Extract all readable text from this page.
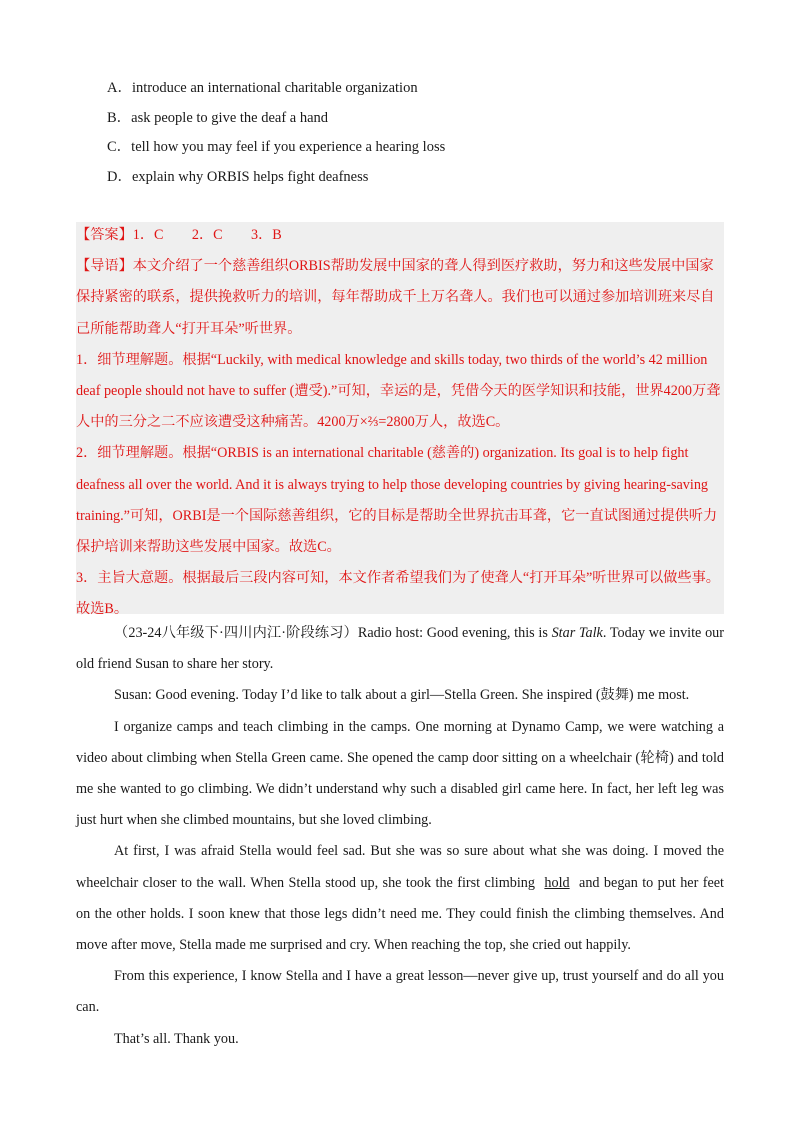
A．introduce an international charitable organization
B．ask people to give the deaf a hand
C．tell how you may feel if you experience a hearing loss
D．explain why ORBIS helps fight deafness

【答案】1．C　　2．C　　3．B

【导语】本文介绍了一个慈善组织ORBIS帮助发展中国家的聋人得到医疗救助，努力和这些发展中国家保持紧密的联系，提供挽救听力的培训，每年帮助成千上万名聋人。我们也可以通过参加培训班来尽自己所能帮助聋人“打开耳朵”听世界。

1．细节理解题。根据“Luckily, with medical knowledge and skills today, two thirds of the world’s 42 million deaf people should not have to suffer (遭受).”可知，幸运的是，凭借今天的医学知识和技能，世界4200万聋人中的三分之二不应该遭受这种痛苦。4200万×⅔=2800万人，故选C。

2．细节理解题。根据“ORBIS is an international charitable (慈善的) organization. Its goal is to help fight deafness all over the world. And it is always trying to help those developing countries by giving hearing-saving training.”可知，ORBI是一个国际慈善组织，它的目标是帮助全世界抗击耳聋，它一直试图通过提供听力保护培训来帮助这些发展中国家。故选C。

3．主旨大意题。根据最后三段内容可知，本文作者希望我们为了使聋人“打开耳朵”听世界可以做些事。故选B。

（23-24八年级下·四川内江·阶段练习）Radio host: Good evening, this is Star Talk. Today we invite our old friend Susan to share her story.

Susan: Good evening. Today I’d like to talk about a girl—Stella Green. She inspired (鼓舞) me most.

I organize camps and teach climbing in the camps. One morning at Dynamo Camp, we were watching a video about climbing when Stella Green came. She opened the camp door sitting on a wheelchair (轮椅) and told me she wanted to go climbing. We didn’t understand why such a disabled girl came here. In fact, her left leg was just hurt when she climbed mountains, but she loved climbing.

At first, I was afraid Stella would feel sad. But she was so sure about what she was doing. I moved the wheelchair closer to the wall. When Stella stood up, she took the first climbing hold and began to put her feet on the other holds. I soon knew that those legs didn’t need me. They could finish the climbing themselves. And move after move, Stella made me surprised and cry. When reaching the top, she cried out happily.

From this experience, I know Stella and I have a great lesson—never give up, trust yourself and do all you can.

That’s all. Thank you.
